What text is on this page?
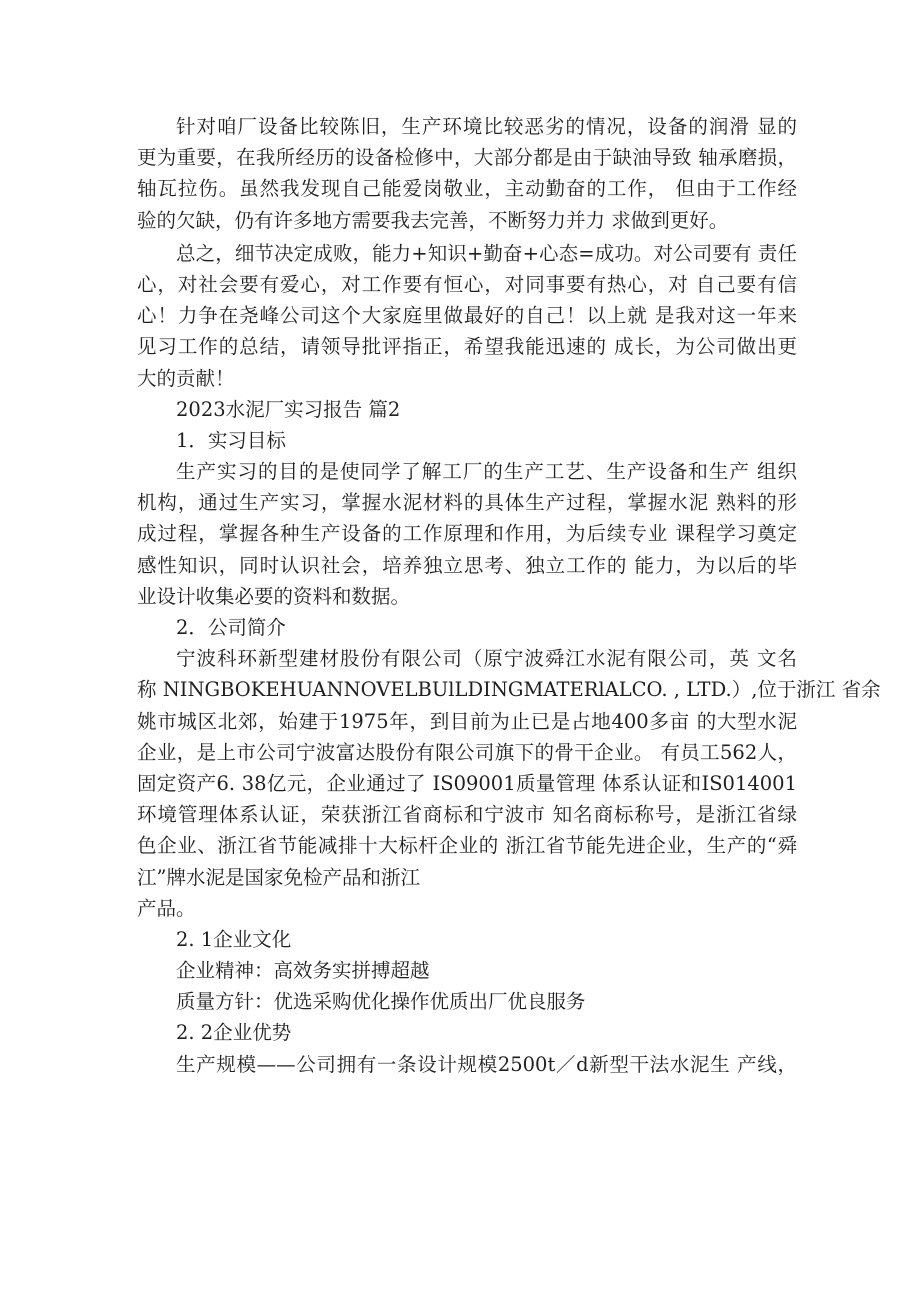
针对咱厂设备比较陈旧，生产环境比较恶劣的情况，设备的润滑 显的
更为重要，在我所经历的设备检修中，大部分都是由于缺油导致 轴承磨损，
轴瓦拉伤。虽然我发现自己能爱岗敬业，主动勤奋的工作， 但由于工作经
验的欠缺，仍有许多地方需要我去完善，不断努力并力 求做到更好。
总之，细节决定成败，能力+知识+勤奋+心态=成功。对公司要有 责任
心，对社会要有爱心，对工作要有恒心，对同事要有热心，对 自己要有信
心！力争在尧峰公司这个大家庭里做最好的自己！以上就 是我对这一年来
见习工作的总结，请领导批评指正，希望我能迅速的 成长，为公司做出更
大的贡献！
2023水泥厂实习报告 篇2
1．实习目标
生产实习的目的是使同学了解工厂的生产工艺、生产设备和生产 组织
机构，通过生产实习，掌握水泥材料的具体生产过程，掌握水泥 熟料的形
成过程，掌握各种生产设备的工作原理和作用，为后续专业 课程学习奠定
感性知识，同时认识社会，培养独立思考、独立工作的 能力，为以后的毕
业设计收集必要的资料和数据。
2．公司简介
宁波科环新型建材股份有限公司（原宁波舜江水泥有限公司，英 文名
称 NINGBOKEHUANNOVELBUlLDINGMATERlALCO. , LTD.）,位于浙江 省余
姚市城区北郊，始建于1975年，到目前为止已是占地400多亩 的大型水泥
企业，是上市公司宁波富达股份有限公司旗下的骨干企业。 有员工562人，
固定资产6. 38亿元，企业通过了 IS09001质量管理 体系认证和IS014001
环境管理体系认证，荣获浙江省商标和宁波市 知名商标称号，是浙江省绿
色企业、浙江省节能减排十大标杆企业的 浙江省节能先进企业，生产的“舜
江”牌水泥是国家免检产品和浙江
产品。
2. 1企业文化
企业精神：高效务实拼搏超越
质量方针：优选采购优化操作优质出厂优良服务
2. 2企业优势
生产规模——公司拥有一条设计规模2500t／d新型干法水泥生 产线，
